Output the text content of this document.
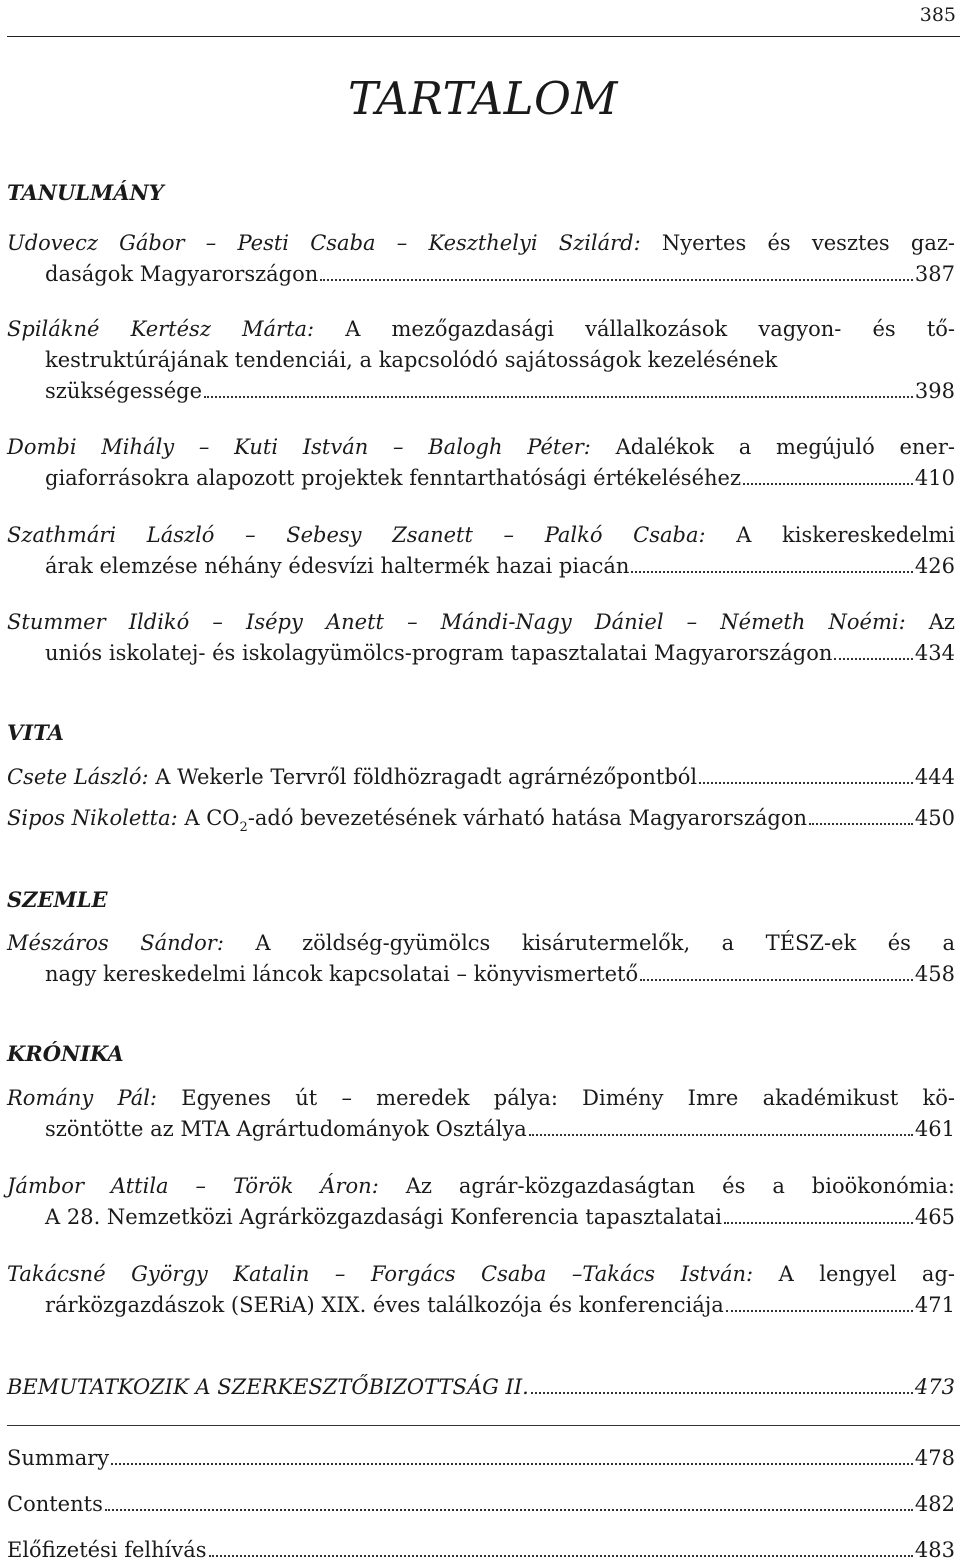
385
TARTALOM
TANULMÁNY
Udovecz Gábor – Pesti Csaba – Keszthelyi Szilárd: Nyertes és vesztes gaz-
daságok Magyarországon	387
Spilákné Kertész Márta: A mezőgazdasági vállalkozások vagyon- és tő-
kestruktúrájának tendenciái, a kapcsolódó sajátosságok kezelésének
szükségessége	398
Dombi Mihály – Kuti István – Balogh Péter: Adalékok a megújuló ener-
giaforrásokra alapozott projektek fenntarthatósági értékeléséhez	410
Szathmári László – Sebesy Zsanett – Palkó Csaba: A kiskereskedelmi
árak elemzése néhány édesvízi haltermék hazai piacán	426
Stummer Ildikó – Isépy Anett – Mándi-Nagy Dániel – Németh Noémi: Az
uniós iskolatej- és iskolagyümölcs-program tapasztalatai Magyarországon	434
VITA
Csete László: A Wekerle Tervről földhözragadt agrárnézőpontból	444
Sipos Nikoletta: A $CO_2$-adó bevezetésének várható hatása Magyarországon	450
SZEMLE
Mészáros Sándor: A zöldség-gyümölcs kisárutermelők, a TÉSZ-ek és a
nagy kereskedelmi láncok kapcsolatai – könyvismertető	458
KRÓNIKA
Romány Pál: Egyenes út – meredek pálya: Dimény Imre akadémikust kö-
szöntötte az MTA Agrártudományok Osztálya	461
Jámbor Attila – Török Áron: Az agrár-közgazdaságtan és a bioökonómia:
A 28. Nemzetközi Agrárközgazdasági Konferencia tapasztalatai	465
Takácsné György Katalin – Forgács Csaba –Takács István: A lengyel ag-
rárközgazdászok (SERiA) XIX. éves találkozója és konferenciája	471
BEMUTATKOZIK A SZERKESZTŐBIZOTTSÁG II.	473
Summary	478
Contents	482
Előfizetési felhívás	483
